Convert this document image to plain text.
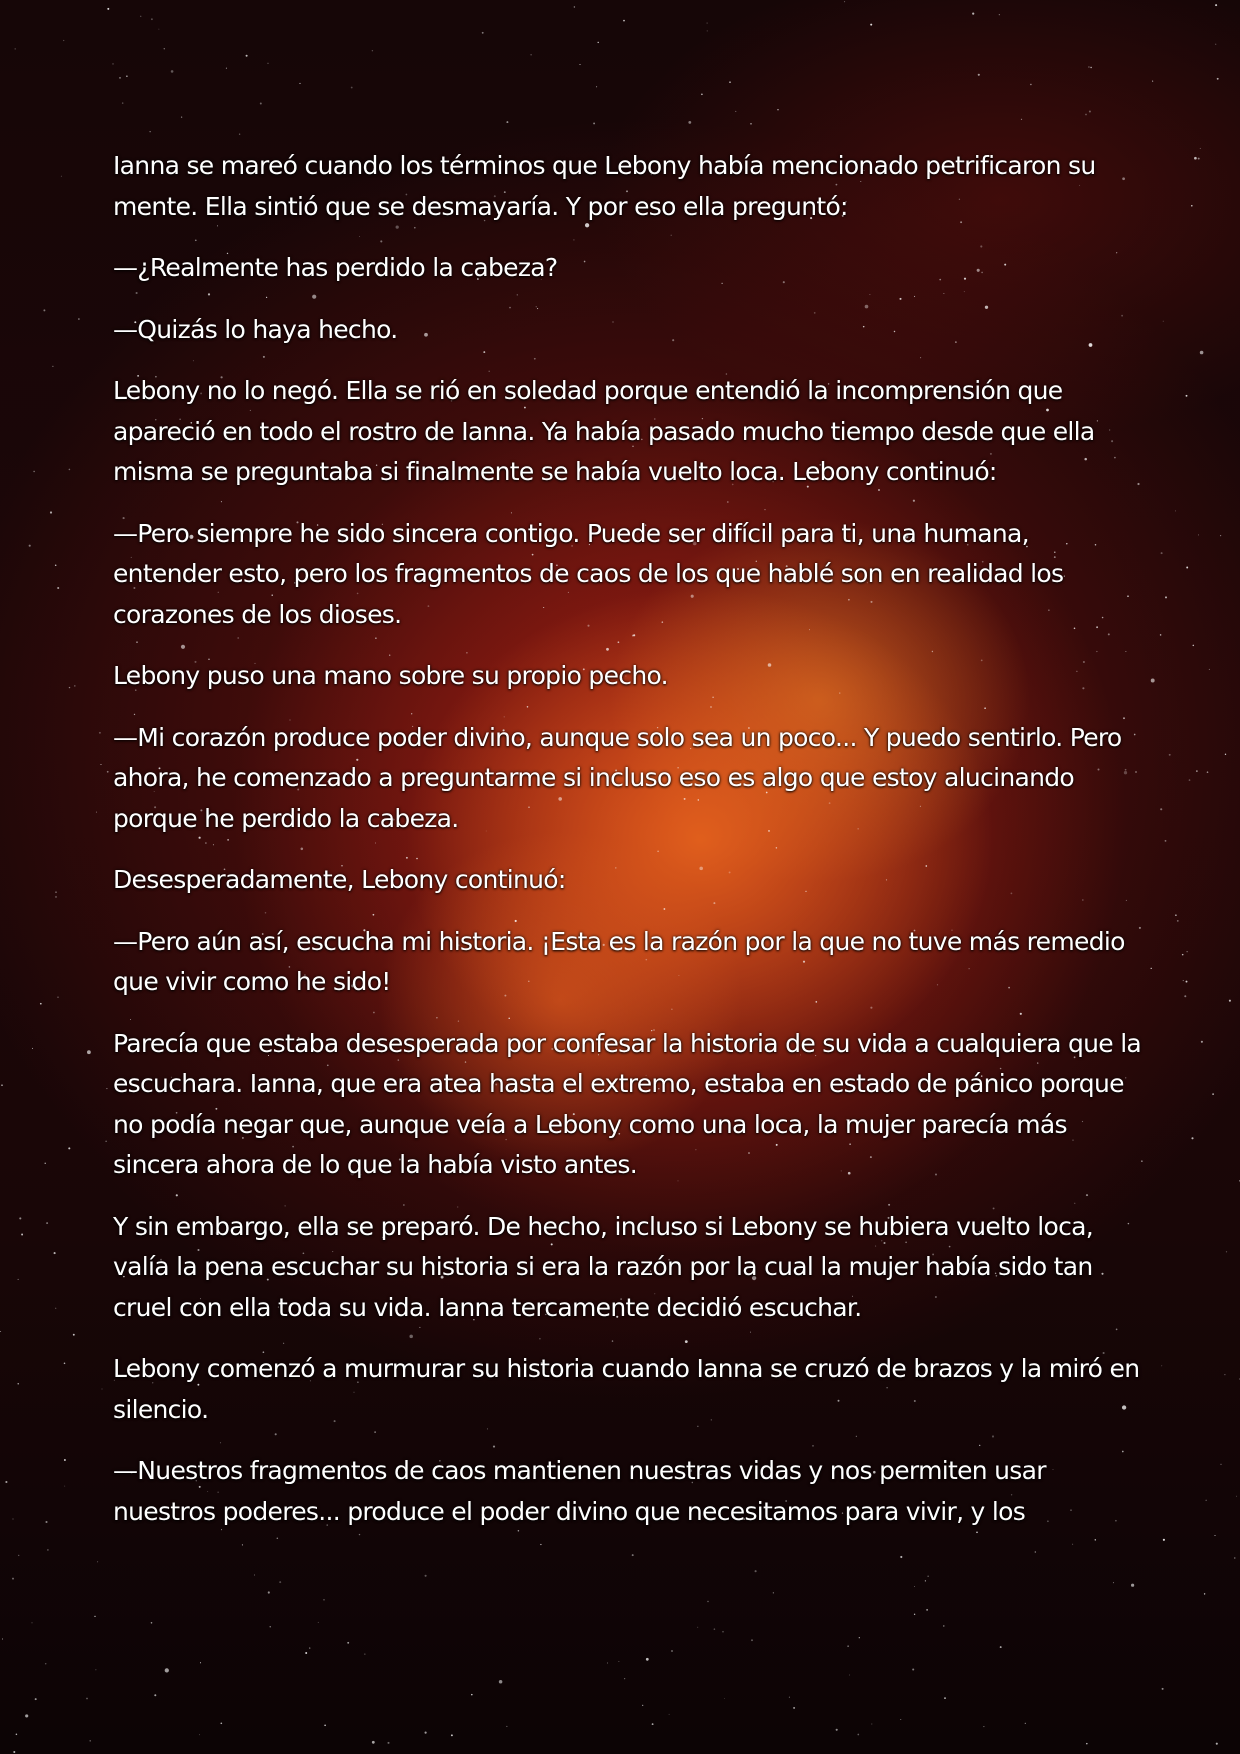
Ianna se mareó cuando los términos que Lebony había mencionado petrificaron su mente. Ella sintió que se desmayaría. Y por eso ella preguntó:

—¿Realmente has perdido la cabeza?

—Quizás lo haya hecho.

Lebony no lo negó. Ella se rió en soledad porque entendió la incomprensión que apareció en todo el rostro de Ianna. Ya había pasado mucho tiempo desde que ella misma se preguntaba si finalmente se había vuelto loca. Lebony continuó:

—Pero siempre he sido sincera contigo. Puede ser difícil para ti, una humana, entender esto, pero los fragmentos de caos de los que hablé son en realidad los corazones de los dioses.

Lebony puso una mano sobre su propio pecho.

—Mi corazón produce poder divino, aunque solo sea un poco... Y puedo sentirlo. Pero ahora, he comenzado a preguntarme si incluso eso es algo que estoy alucinando porque he perdido la cabeza.

Desesperadamente, Lebony continuó:

—Pero aún así, escucha mi historia. ¡Esta es la razón por la que no tuve más remedio que vivir como he sido!

Parecía que estaba desesperada por confesar la historia de su vida a cualquiera que la escuchara. Ianna, que era atea hasta el extremo, estaba en estado de pánico porque no podía negar que, aunque veía a Lebony como una loca, la mujer parecía más sincera ahora de lo que la había visto antes.

Y sin embargo, ella se preparó. De hecho, incluso si Lebony se hubiera vuelto loca, valía la pena escuchar su historia si era la razón por la cual la mujer había sido tan cruel con ella toda su vida. Ianna tercamente decidió escuchar.

Lebony comenzó a murmurar su historia cuando Ianna se cruzó de brazos y la miró en silencio.

—Nuestros fragmentos de caos mantienen nuestras vidas y nos permiten usar nuestros poderes... produce el poder divino que necesitamos para vivir, y los
